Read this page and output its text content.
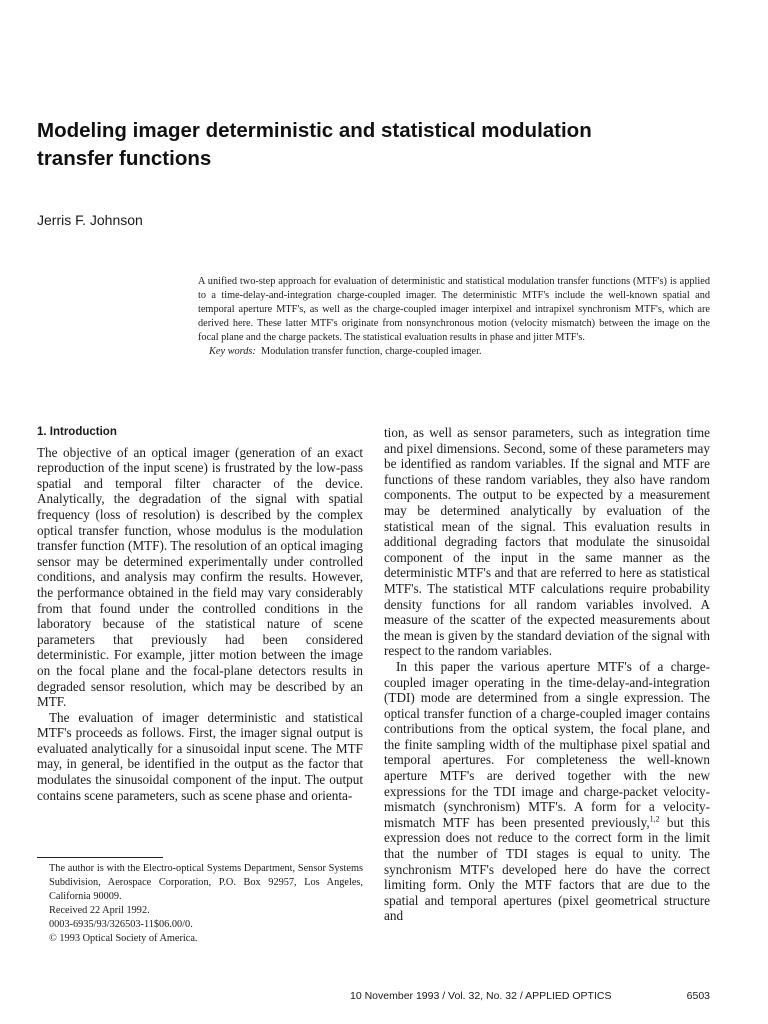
Modeling imager deterministic and statistical modulation transfer functions

Jerris F. Johnson

A unified two-step approach for evaluation of deterministic and statistical modulation transfer functions (MTF's) is applied to a time-delay-and-integration charge-coupled imager. The deterministic MTF's include the well-known spatial and temporal aperture MTF's, as well as the charge-coupled imager interpixel and intrapixel synchronism MTF's, which are derived here. These latter MTF's originate from nonsynchronous motion (velocity mismatch) between the image on the focal plane and the charge packets. The statistical evaluation results in phase and jitter MTF's.

Key words: Modulation transfer function, charge-coupled imager.

1. Introduction

The objective of an optical imager (generation of an exact reproduction of the input scene) is frustrated by the low-pass spatial and temporal filter character of the device. Analytically, the degradation of the signal with spatial frequency (loss of resolution) is described by the complex optical transfer function, whose modulus is the modulation transfer function (MTF). The resolution of an optical imaging sensor may be determined experimentally under controlled conditions, and analysis may confirm the results. However, the performance obtained in the field may vary considerably from that found under the controlled conditions in the laboratory because of the statistical nature of scene parameters that previously had been considered deterministic. For example, jitter motion between the image on the focal plane and the focal-plane detectors results in degraded sensor resolution, which may be described by an MTF.

The evaluation of imager deterministic and statistical MTF's proceeds as follows. First, the imager signal output is evaluated analytically for a sinusoidal input scene. The MTF may, in general, be identified in the output as the factor that modulates the sinusoidal component of the input. The output contains scene parameters, such as scene phase and orienta-

The author is with the Electro-optical Systems Department, Sensor Systems Subdivision, Aerospace Corporation, P.O. Box 92957, Los Angeles, California 90009.

Received 22 April 1992.

0003-6935/93/326503-11$06.00/0.

© 1993 Optical Society of America.

tion, as well as sensor parameters, such as integration time and pixel dimensions. Second, some of these parameters may be identified as random variables. If the signal and MTF are functions of these random variables, they also have random components. The output to be expected by a measurement may be determined analytically by evaluation of the statistical mean of the signal. This evaluation results in additional degrading factors that modulate the sinusoidal component of the input in the same manner as the deterministic MTF's and that are referred to here as statistical MTF's. The statistical MTF calculations require probability density functions for all random variables involved. A measure of the scatter of the expected measurements about the mean is given by the standard deviation of the signal with respect to the random variables.

In this paper the various aperture MTF's of a charge-coupled imager operating in the time-delay-and-integration (TDI) mode are determined from a single expression. The optical transfer function of a charge-coupled imager contains contributions from the optical system, the focal plane, and the finite sampling width of the multiphase pixel spatial and temporal apertures. For completeness the well-known aperture MTF's are derived together with the new expressions for the TDI image and charge-packet velocity-mismatch (synchronism) MTF's. A form for a velocity-mismatch MTF has been presented previously,$^{1,2}$ but this expression does not reduce to the correct form in the limit that the number of TDI stages is equal to unity. The synchronism MTF's developed here do have the correct limiting form. Only the MTF factors that are due to the spatial and temporal apertures (pixel geometrical structure and

10 November 1993 / Vol. 32, No. 32 / APPLIED OPTICS	6503
